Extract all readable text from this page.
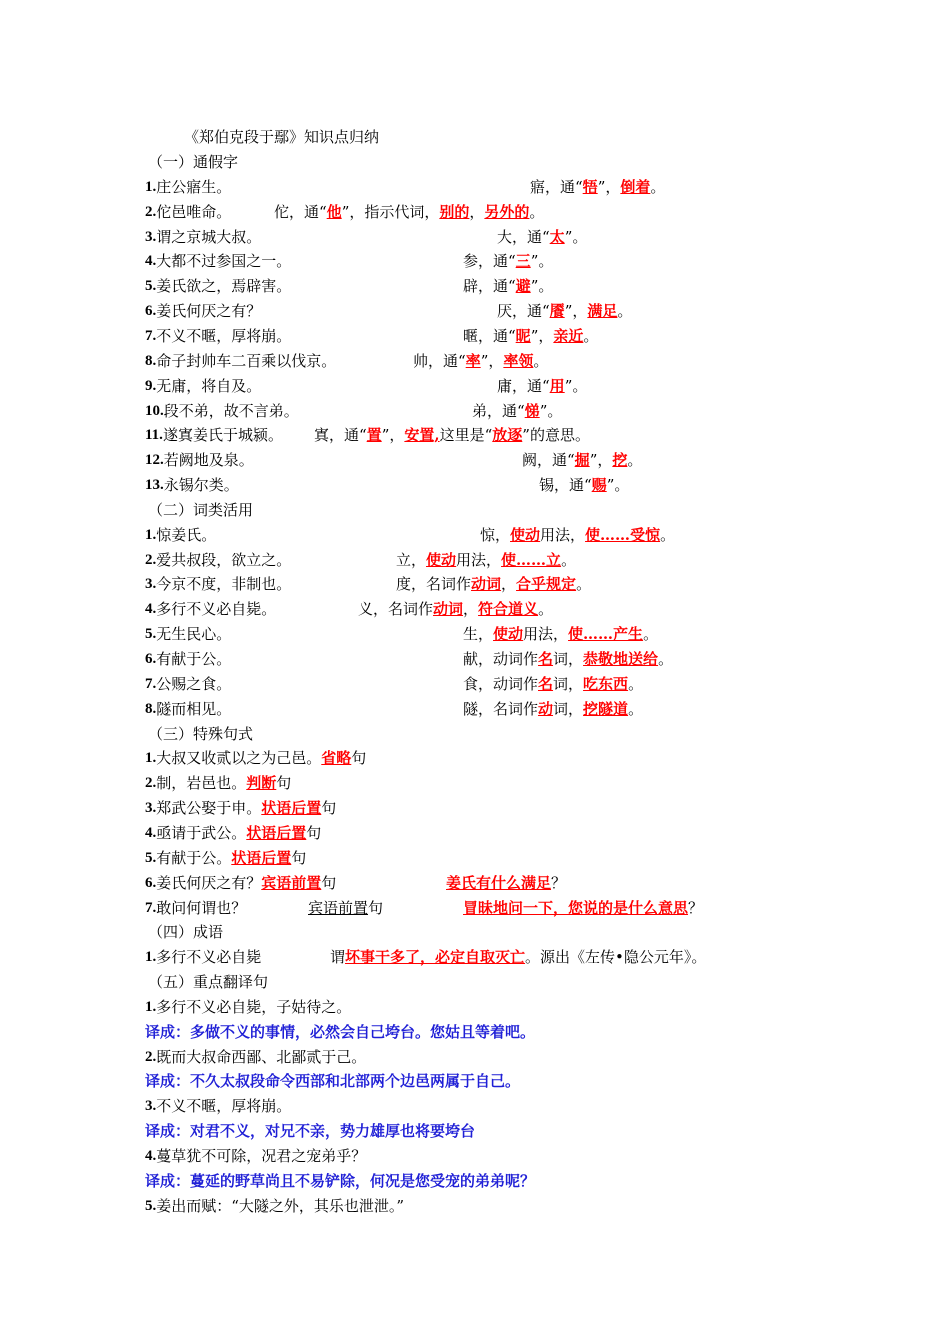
《郑伯克段于鄢》知识点归纳
（一）通假字
1. 庄公寤生。	寤，通“牾”，倒着。
2. 佗邑唯命。	佗，通“他”，指示代词，别的，另外的。
3. 谓之京城大叔。	大，通“太”。
4. 大都不过参国之一。	参，通“三”。
5. 姜氏欲之，焉辟害。	辟，通“避”。
6. 姜氏何厌之有？	厌，通“餍”，满足。
7. 不义不暱，厚将崩。	暱，通“昵”，亲近。
8. 命子封帅车二百乘以伐京。	帅，通“率”，率领。
9. 无庸，将自及。	庸，通“用”。
10. 段不弟，故不言弟。	弟，通“悌”。
11. 遂寘姜氏于城颍。 寘，通“置”，安置,这里是“放逐”的意思。
12. 若阙地及泉。	阙，通“掘”，挖。
13. 永锡尔类。	锡，通“赐”。
（二）词类活用
1. 惊姜氏。	惊，使动用法，使……受惊。
2. 爱共叔段，欲立之。	立，使动用法，使……立。
3. 今京不度，非制也。	度，名词作动词，合乎规定。
4. 多行不义必自毙。	义，名词作动词，符合道义。
5. 无生民心。	生，使动用法，使……产生。
6. 有献于公。	献，动词作名词，恭敬地送给。
7. 公赐之食。	食，动词作名词，吃东西。
8. 隧而相见。	隧，名词作动词，挖隧道。
（三）特殊句式
1. 大叔又收贰以之为己邑。 省略句
2. 制，岩邑也。 判断句
3. 郑武公娶于申。 状语后置句
4. 亟请于武公。 状语后置句
5. 有献于公。 状语后置句
6. 姜氏何厌之有？ 宾语前置句	姜氏有什么满足？
7. 敢问何谓也？	宾语前置句	冒昧地问一下，您说的是什么意思？
（四）成语
1. 多行不义必自毙	谓坏事干多了，必定自取灭亡。源出《左传•隐公元年》。
（五）重点翻译句
1. 多行不义必自毙，子姑待之。
译成： 多做不义的事情，必然会自己垮台。您姑且等着吧。
2. 既而大叔命西鄙、北鄙贰于己。
译成： 不久太叔段命令西部和北部两个边邑两属于自己。
3. 不义不暱，厚将崩。
译成： 对君不义，对兄不亲，势力雄厚也将要垮台
4. 蔓草犹不可除，况君之宠弟乎？
译成： 蔓延的野草尚且不易铲除，何况是您受宠的弟弟呢？
5. 姜出而赋：“大隧之外，其乐也泄泄。”
